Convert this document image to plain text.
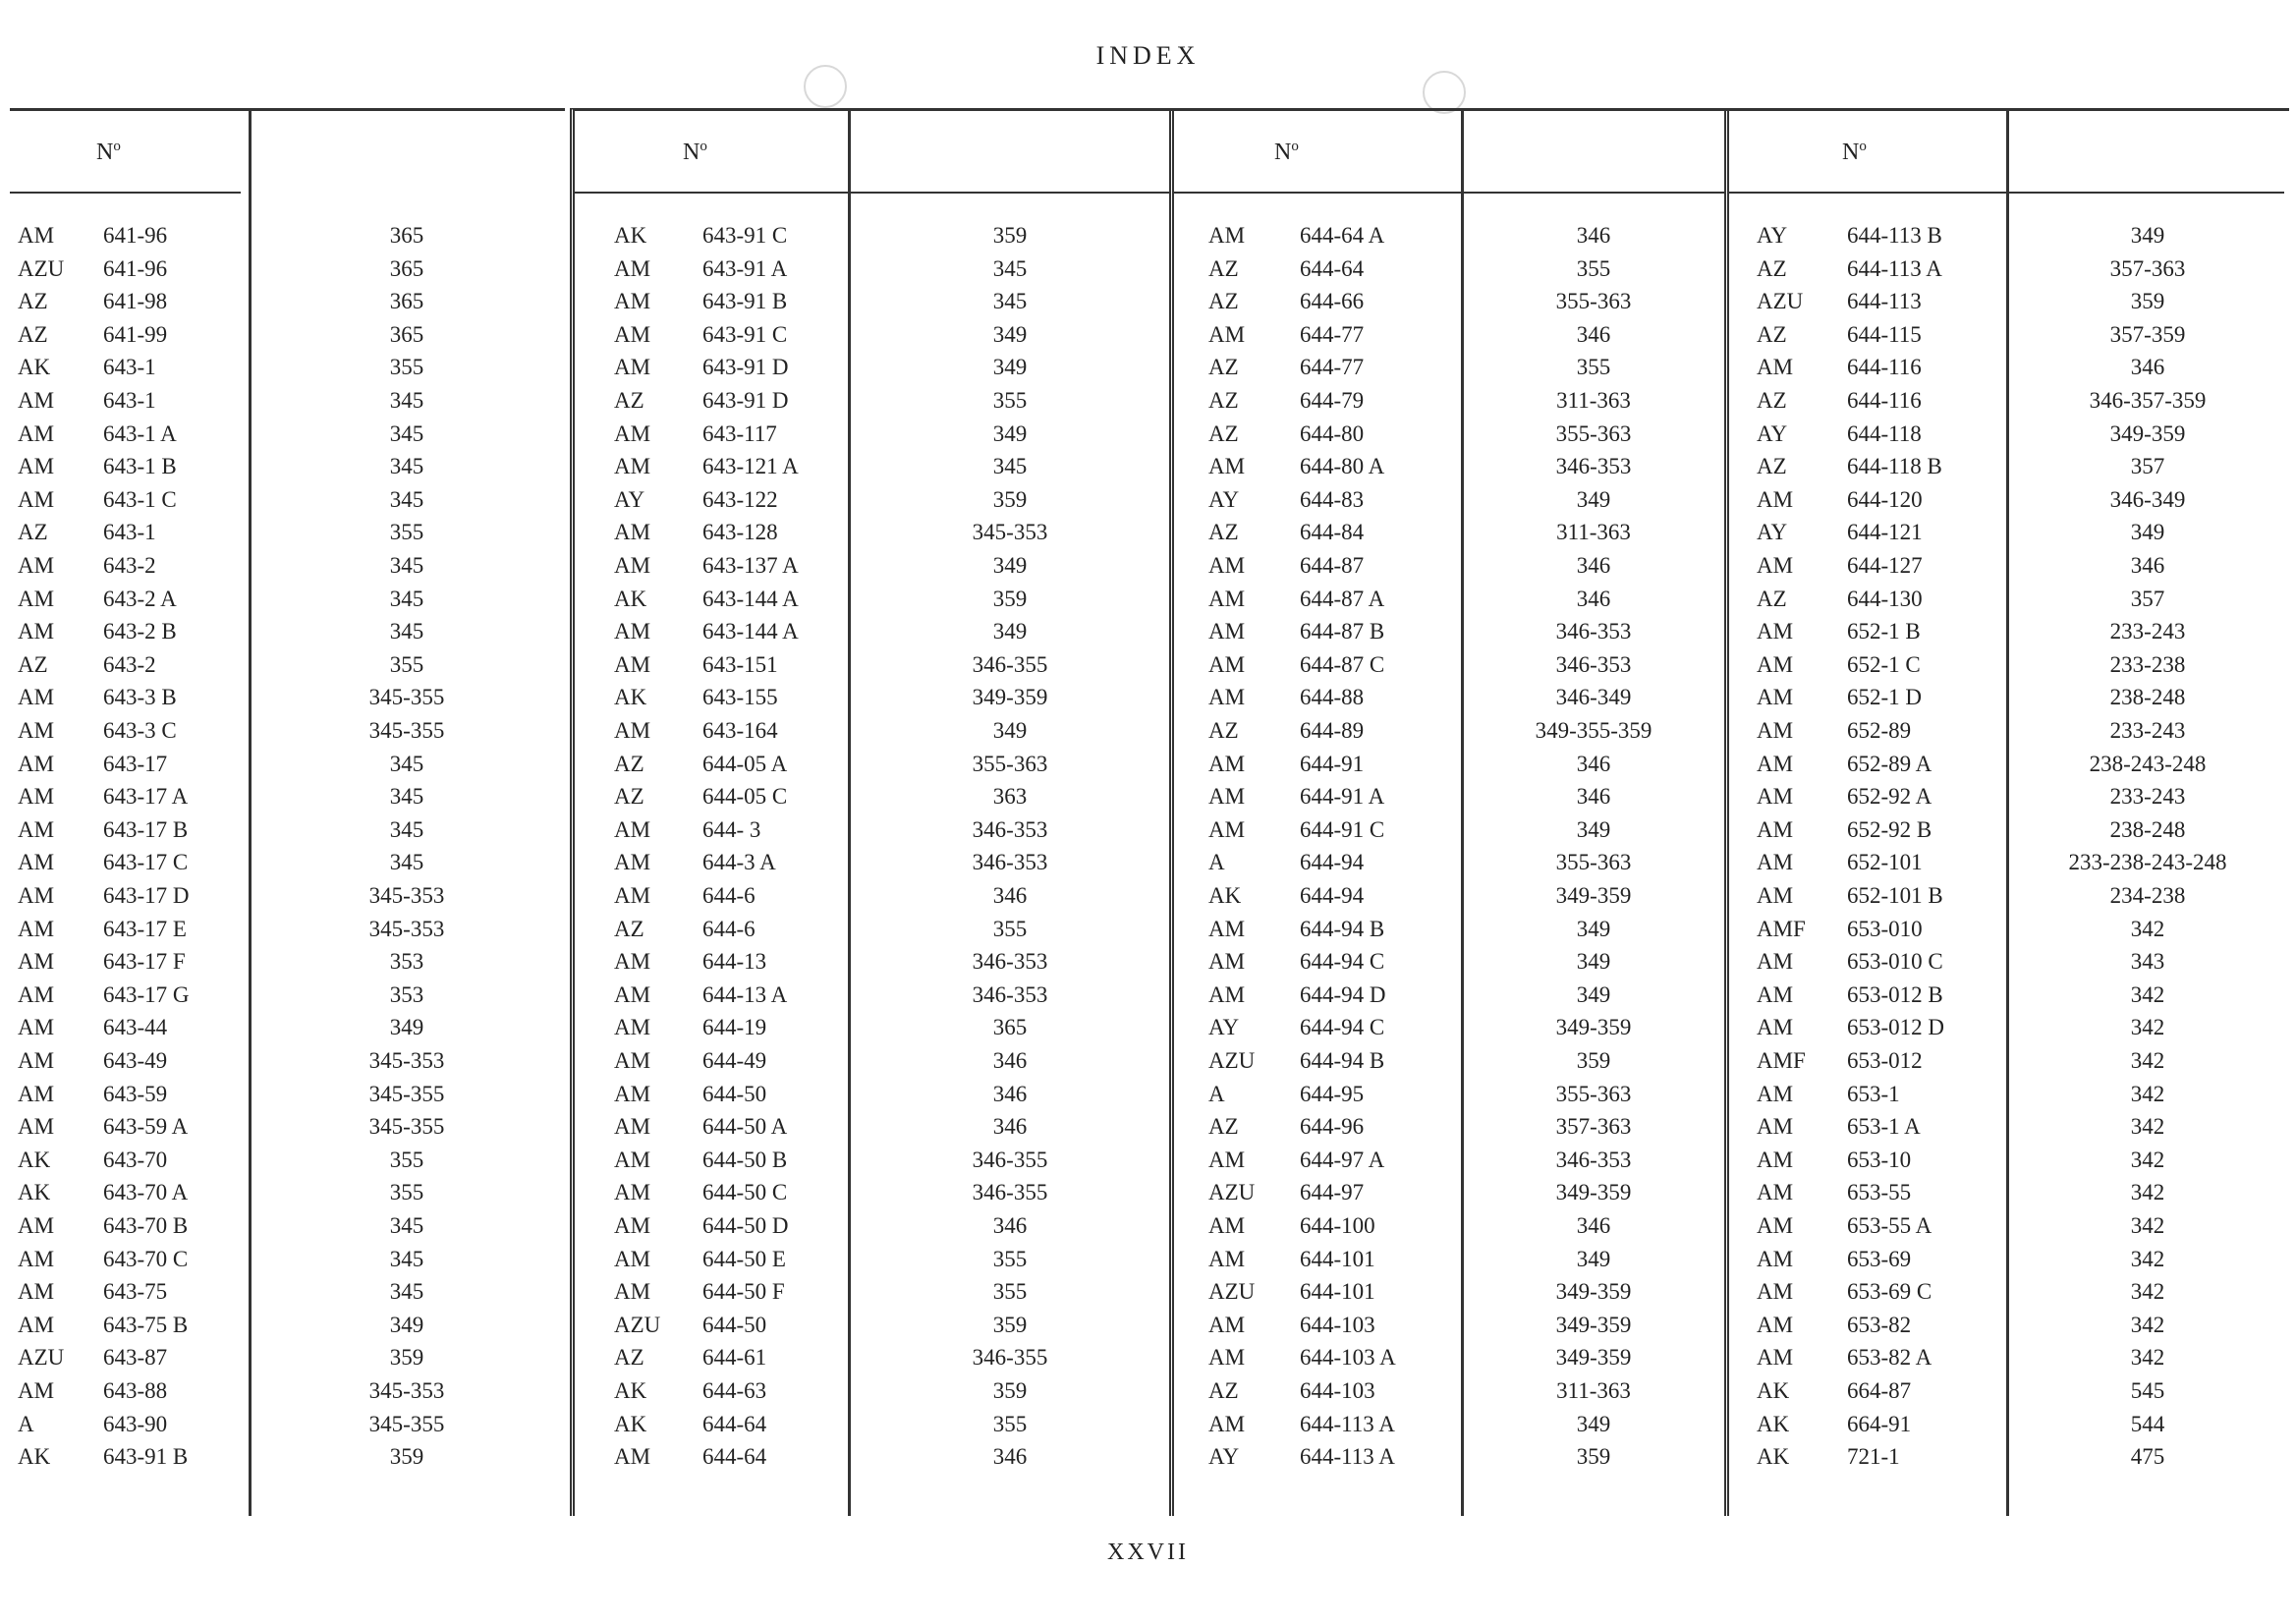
INDEX
$N^o$
AM 641-96	365
AZU 641-96	365
AZ 641-98	365
AZ 641-99	365
AK 643-1	355
AM 643-1	345
AM 643-1 A	345
AM 643-1 B	345
AM 643-1 C	345
AZ 643-1	355
AM 643-2	345
AM 643-2 A	345
AM 643-2 B	345
AZ 643-2	355
AM 643-3 B	345-355
AM 643-3 C	345-355
AM 643-17	345
AM 643-17 A	345
AM 643-17 B	345
AM 643-17 C	345
AM 643-17 D	345-353
AM 643-17 E	345-353
AM 643-17 F	353
AM 643-17 G	353
AM 643-44	349
AM 643-49	345-353
AM 643-59	345-355
AM 643-59 A	345-355
AK 643-70	355
AK 643-70 A	355
AM 643-70 B	345
AM 643-70 C	345
AM 643-75	345
AM 643-75 B	349
AZU 643-87	359
AM 643-88	345-353
A	643-90	345-355
AK 643-91 B	359
$N^o$
AK 643-91 C	359
AM 643-91 A	345
AM 643-91 B	345
AM 643-91 C	349
AM 643-91 D	349
AZ	643-91 D	355
AM 643-117	349
AM 643-121 A	345
AY	643-122	359
AM 643-128	345-353
AM 643-137 A	349
AK 643-144 A	359
AM 643-144 A	349
AM 643-151	346-355
AK 643-155	349-359
AM 643-164	349
AZ	644-05 A	355-363
AZ	644-05 C	363
AM 644- 3	346-353
AM 644-3 A	346-353
AM 644-6	346
AZ	644-6	355
AM 644-13	346-353
AM 644-13 A	346-353
AM 644-19	365
AM 644-49	346
AM 644-50	346
AM 644-50 A	346
AM 644-50 B	346-355
AM 644-50 C	346-355
AM 644-50 D	346
AM 644-50 E	355
AM 644-50 F	355
AZU 644-50	359
AZ	644-61	346-355
AK 644-63	359
AK 644-64	355
AM 644-64	346
$N^o$
AM 644-64 A	346
AZ	644-64	355
AZ	644-66	355-363
AM 644-77	346
AZ	644-77	355
AZ	644-79	311-363
AZ	644-80	355-363
AM 644-80 A	346-353
AY	644-83	349
AZ	644-84	311-363
AM 644-87	346
AM 644-87 A	346
AM 644-87 B	346-353
AM 644-87 C	346-353
AM 644-88	346-349
AZ	644-89	349-355-359
AM 644-91	346
AM 644-91 A	346
AM 644-91 C	349
A	644-94	355-363
AK	644-94	349-359
AM 644-94 B	349
AM 644-94 C	349
AM 644-94 D	349
AY	644-94 C	349-359
AZU 644-94 B	359
A	644-95	355-363
AZ	644-96	357-363
AM 644-97 A	346-353
AZU 644-97	349-359
AM 644-100	346
AM 644-101	349
AZU 644-101	349-359
AM 644-103	349-359
AM 644-103 A	349-359
AZ	644-103	311-363
AM 644-113 A	349
AY	644-113 A	359
$N^o$
AY	644-113 B	349
AZ	644-113 A	357-363
AZU 644-113	359
AZ	644-115	357-359
AM 644-116	346
AZ	644-116	346-357-359
AY	644-118	349-359
AZ	644-118 B	357
AM 644-120	346-349
AY	644-121	349
AM 644-127	346
AZ	644-130	357
AM 652-1 B	233-243
AM 652-1 C	233-238
AM 652-1 D	238-248
AM 652-89	233-243
AM 652-89 A	238-243-248
AM 652-92 A	233-243
AM 652-92 B	238-248
AM 652-101	233-238-243-248
AM 652-101 B	234-238
AMF 653-010	342
AM 653-010 C	343
AM 653-012 B	342
AM 653-012 D	342
AMF 653-012	342
AM 653-1	342
AM 653-1 A	342
AM 653-10	342
AM 653-55	342
AM 653-55 A	342
AM 653-69	342
AM 653-69 C	342
AM 653-82	342
AM 653-82 A	342
AK	664-87	545
AK	664-91	544
AK	721-1	475
XXVII
